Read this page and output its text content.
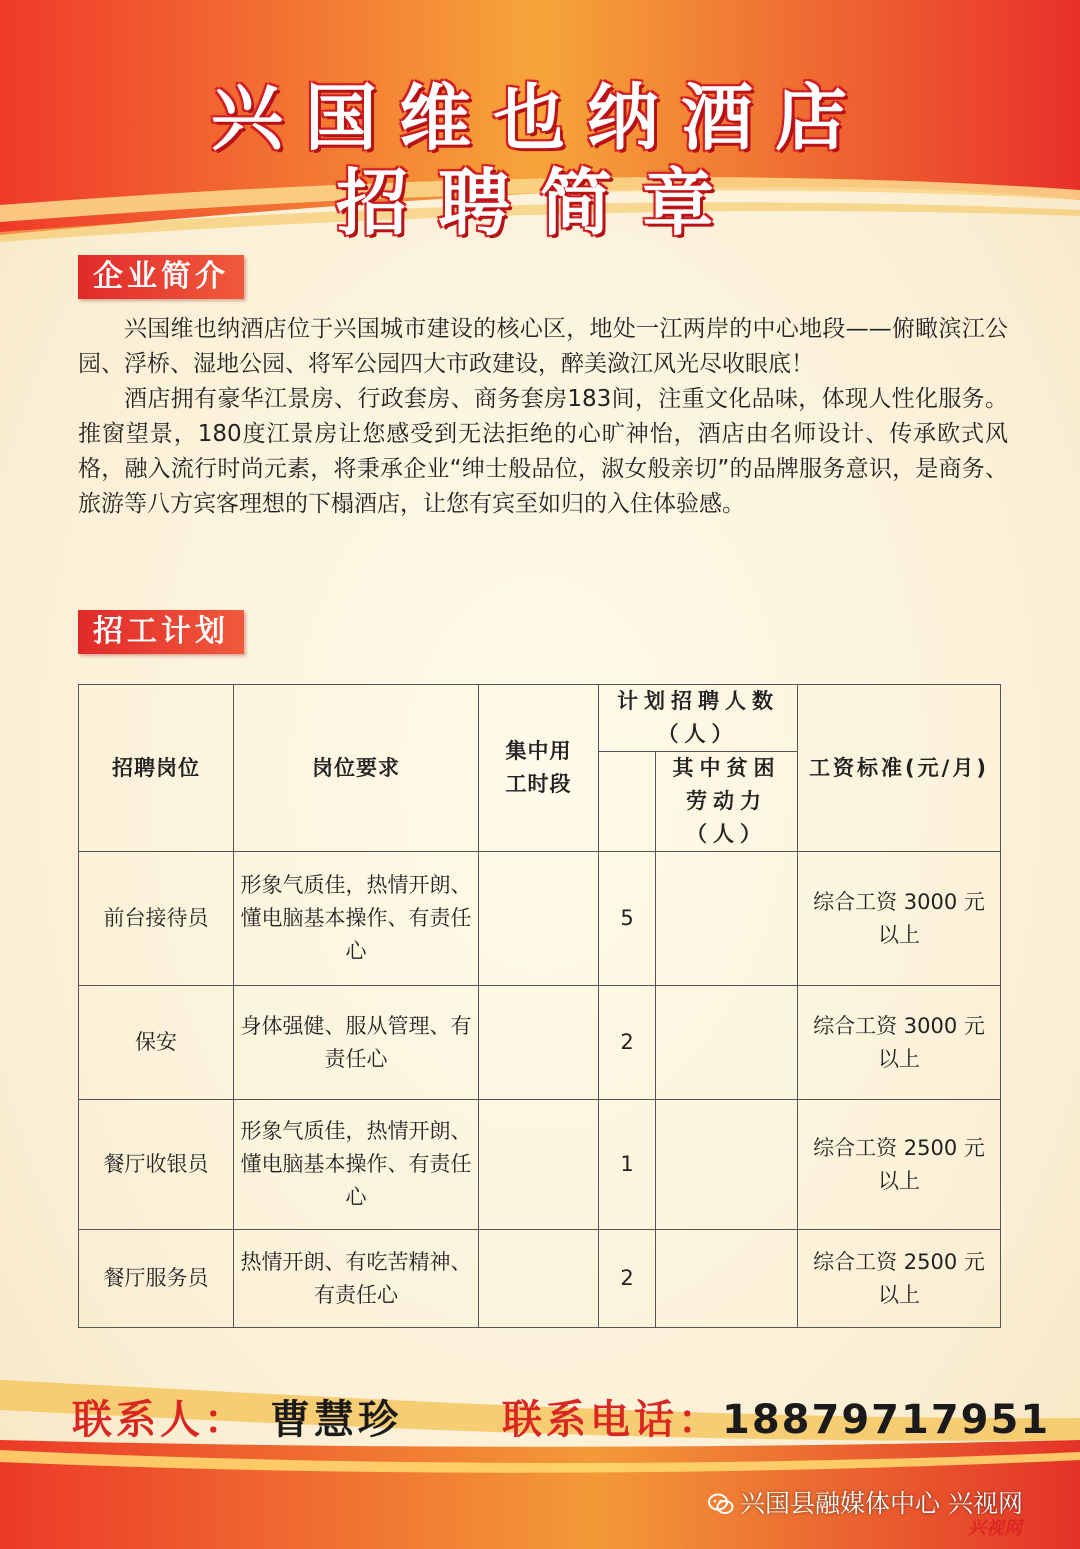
兴国维也纳酒店
招聘简章
企业简介

兴国维也纳酒店位于兴国城市建设的核心区，地处一江两岸的中心地段——俯瞰滨江公园、浮桥、湿地公园、将军公园四大市政建设，醉美潋江风光尽收眼底！

酒店拥有豪华江景房、行政套房、商务套房183间，注重文化品味，体现人性化服务。推窗望景，180度江景房让您感受到无法拒绝的心旷神怡，酒店由名师设计、传承欧式风格，融入流行时尚元素，将秉承企业“绅士般品位，淑女般亲切”的品牌服务意识，是商务、旅游等八方宾客理想的下榻酒店，让您有宾至如归的入住体验感。

招工计划
招聘岗位	岗位要求	集中用工时段	计划招聘人数（人）		工资标准(元/月)
				其中贫困劳动力（人）	
前台接待员	形象气质佳，热情开朗、懂电脑基本操作、有责任心		5		综合工资 3000 元以上
保安	身体强健、服从管理、有责任心		2		综合工资 3000 元以上
餐厅收银员	形象气质佳，热情开朗、懂电脑基本操作、有责任心		1		综合工资 2500 元以上
餐厅服务员	热情开朗、有吃苦精神、有责任心		2		综合工资 2500 元以上
联系人： 曹慧珍	联系电话：18879717951
兴国县融媒体中心 兴视网
兴视网
